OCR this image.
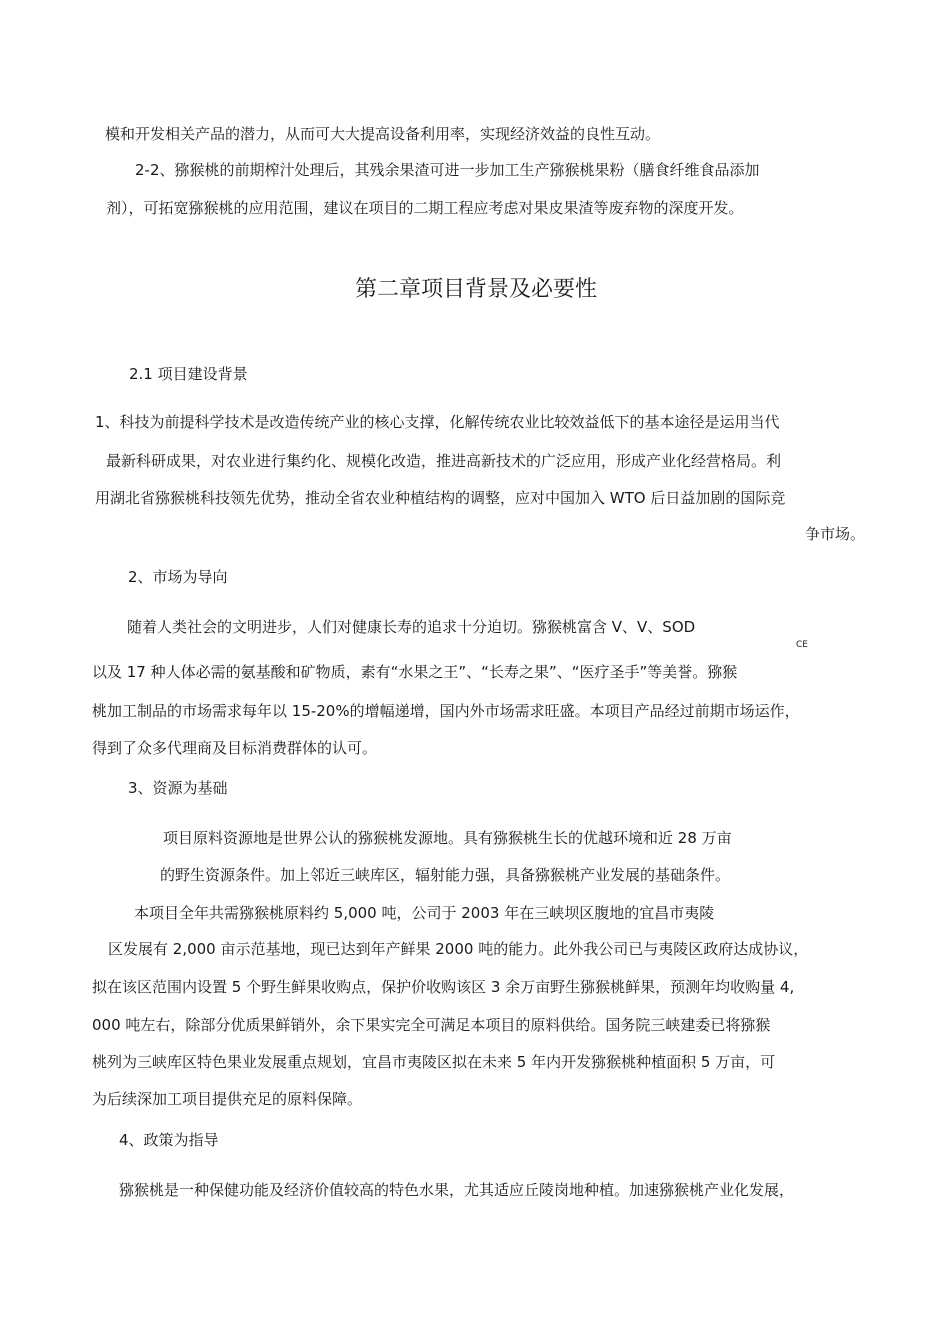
模和开发相关产品的潜力，从而可大大提高设备利用率，实现经济效益的良性互动。
2-2、猕猴桃的前期榨汁处理后，其残余果渣可进一步加工生产猕猴桃果粉（膳食纤维食品添加
剂），可拓宽猕猴桃的应用范围，建议在项目的二期工程应考虑对果皮果渣等废弃物的深度开发。
第二章项目背景及必要性
2.1 项目建设背景
1、科技为前提科学技术是改造传统产业的核心支撑，化解传统农业比较效益低下的基本途径是运用当代
最新科研成果，对农业进行集约化、规模化改造，推进高新技术的广泛应用，形成产业化经营格局。利
用湖北省猕猴桃科技领先优势，推动全省农业种植结构的调整，应对中国加入 WTO 后日益加剧的国际竞
争市场。
2、市场为导向
随着人类社会的文明进步，人们对健康长寿的追求十分迫切。猕猴桃富含 V、V、SOD
CE
以及 17 种人体必需的氨基酸和矿物质，素有“水果之王”、“长寿之果”、“医疗圣手”等美誉。猕猴
桃加工制品的市场需求每年以 15-20%的增幅递增，国内外市场需求旺盛。本项目产品经过前期市场运作，
得到了众多代理商及目标消费群体的认可。
3、资源为基础
项目原料资源地是世界公认的猕猴桃发源地。具有猕猴桃生长的优越环境和近 28 万亩
的野生资源条件。加上邻近三峡库区，辐射能力强，具备猕猴桃产业发展的基础条件。
本项目全年共需猕猴桃原料约 5,000 吨，公司于 2003 年在三峡坝区腹地的宜昌市夷陵
区发展有 2,000 亩示范基地，现已达到年产鲜果 2000 吨的能力。此外我公司已与夷陵区政府达成协议，
拟在该区范围内设置 5 个野生鲜果收购点，保护价收购该区 3 余万亩野生猕猴桃鲜果，预测年均收购量 4,
000 吨左右，除部分优质果鲜销外，余下果实完全可满足本项目的原料供给。国务院三峡建委已将猕猴
桃列为三峡库区特色果业发展重点规划，宜昌市夷陵区拟在未来 5 年内开发猕猴桃种植面积 5 万亩，可
为后续深加工项目提供充足的原料保障。
4、政策为指导
猕猴桃是一种保健功能及经济价值较高的特色水果，尤其适应丘陵岗地种植。加速猕猴桃产业化发展，
